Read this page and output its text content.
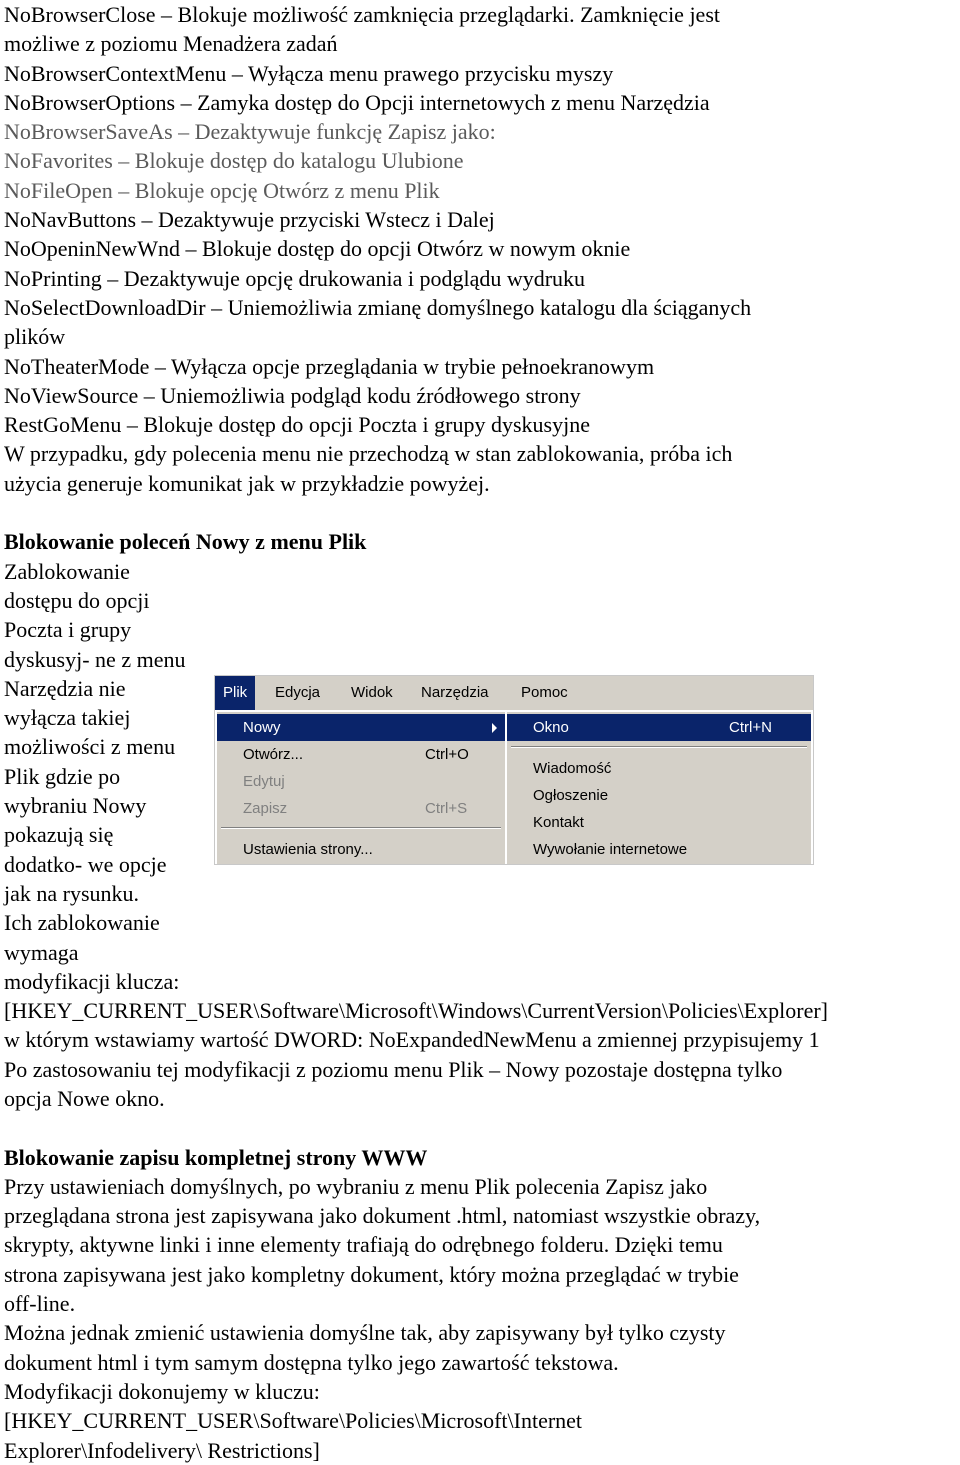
NoBrowserClose – Blokuje możliwość zamknięcia przeglądarki. Zamknięcie jest
możliwe z poziomu Menadżera zadań
NoBrowserContextMenu – Wyłącza menu prawego przycisku myszy
NoBrowserOptions – Zamyka dostęp do Opcji internetowych z menu Narzędzia
NoBrowserSaveAs – Dezaktywuje funkcję Zapisz jako:
NoFavorites – Blokuje dostęp do katalogu Ulubione
NoFileOpen – Blokuje opcję Otwórz z menu Plik
NoNavButtons – Dezaktywuje przyciski Wstecz i Dalej
NoOpeninNewWnd – Blokuje dostęp do opcji Otwórz w nowym oknie
NoPrinting – Dezaktywuje opcję drukowania i podglądu wydruku
NoSelectDownloadDir – Uniemożliwia zmianę domyślnego katalogu dla ściąganych
plików
NoTheaterMode – Wyłącza opcje przeglądania w trybie pełnoekranowym
NoViewSource – Uniemożliwia podgląd kodu źródłowego strony
RestGoMenu – Blokuje dostęp do opcji Poczta i grupy dyskusyjne
W przypadku, gdy polecenia menu nie przechodzą w stan zablokowania, próba ich
użycia generuje komunikat jak w przykładzie powyżej.
Blokowanie poleceń Nowy z menu Plik
Zablokowanie
dostępu do opcji
Poczta i grupy
dyskusyj- ne z menu
Narzędzia nie
wyłącza takiej
możliwości z menu
Plik gdzie po
wybraniu Nowy
pokazują się
dodatko- we opcje
jak na rysunku.
Ich zablokowanie
wymaga
modyfikacji klucza:
[HKEY_CURRENT_USER\Software\Microsoft\Windows\CurrentVersion\Policies\Explorer]
w którym wstawiamy wartość DWORD: NoExpandedNewMenu a zmiennej przypisujemy 1
Po zastosowaniu tej modyfikacji z poziomu menu Plik – Nowy pozostaje dostępna tylko
opcja Nowe okno.
Blokowanie zapisu kompletnej strony WWW
Przy ustawieniach domyślnych, po wybraniu z menu Plik polecenia Zapisz jako
przeglądana strona jest zapisywana jako dokument .html, natomiast wszystkie obrazy,
skrypty, aktywne linki i inne elementy trafiają do odrębnego folderu. Dzięki temu
strona zapisywana jest jako kompletny dokument, który można przeglądać w trybie
off-line.
Można jednak zmienić ustawienia domyślne tak, aby zapisywany był tylko czysty
dokument html i tym samym dostępna tylko jego zawartość tekstowa.
Modyfikacji dokonujemy w kluczu:
[HKEY_CURRENT_USER\Software\Policies\Microsoft\Internet
Explorer\Infodelivery\ Restrictions]
Plik	Edycja	Widok	Narzędzia	Pomoc
Nowy
Otwórz...	Ctrl+O
Edytuj
Zapisz	Ctrl+S
Ustawienia strony...
Okno	Ctrl+N
Wiadomość
Ogłoszenie
Kontakt
Wywołanie internetowe
